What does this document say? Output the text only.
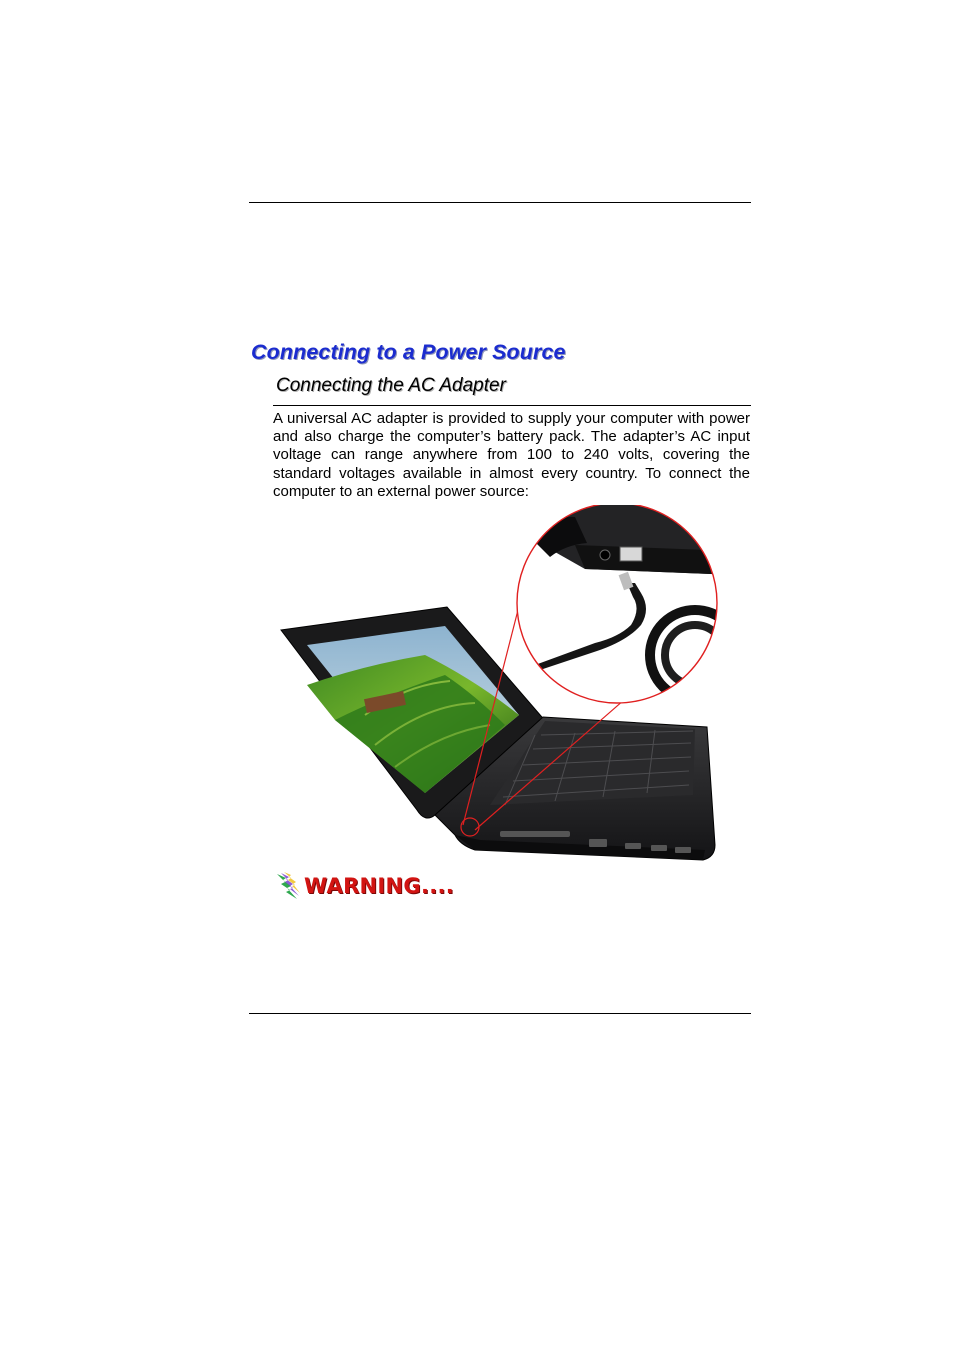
Connecting to a Power Source
Connecting the AC Adapter

A universal AC adapter is provided to supply your computer with power and also charge the computer’s battery pack. The adapter’s AC input voltage can range anywhere from 100 to 240 volts, covering the standard voltages available in almost every country. To connect the computer to an external power source:

WARNING....
